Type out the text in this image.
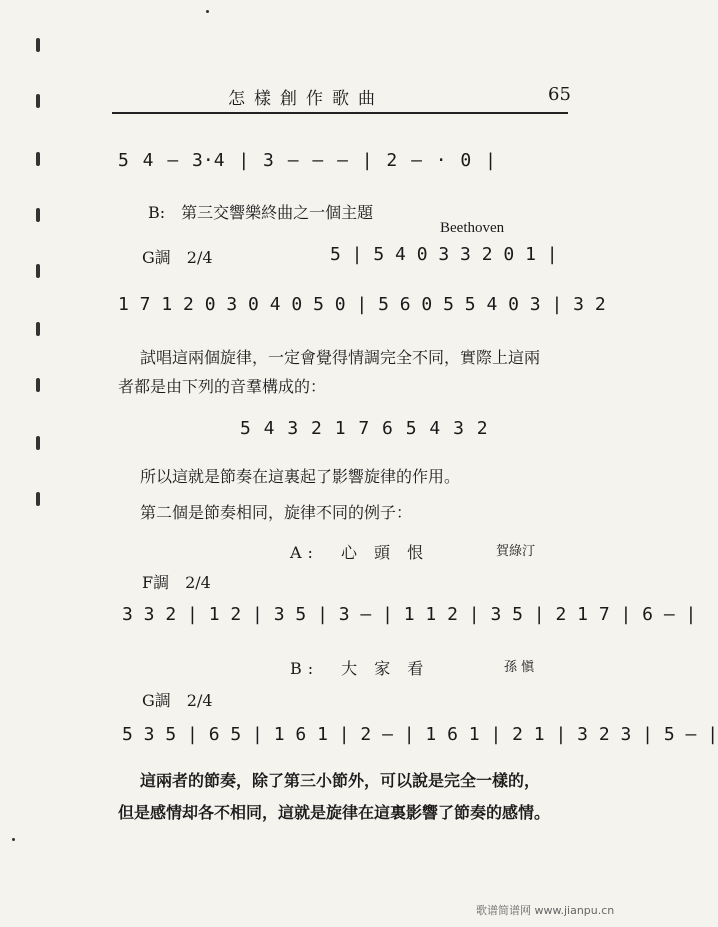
怎樣創作歌曲	65
5 4 — 3·4 | 3 — — — | 2 — · 0 |
B:　第三交響樂終曲之一個主題
Beethoven
G調　2/4	5 | 5 4 0 3 3 2 0 1 |
1 7 1 2 0 3 0 4 0 5 0 | 5 6 0 5 5 4 0 3 | 3 2
試唱這兩個旋律，一定會覺得情調完全不同，實際上這兩
者都是由下列的音羣構成的：
5 4 3 2 1 7 6 5 4 3 2
所以這就是節奏在這裏起了影響旋律的作用。
第二個是節奏相同，旋律不同的例子：
A:　心 頭 恨	賀綠汀
F調　2/4
3 3 2 | 1 2 | 3 5 | 3 — | 1 1 2 | 3 5 | 2 1 7 | 6 — |
B:　大 家 看	孫 愼
G調　2/4
5 3 5 | 6 5 | 1 6 1 | 2 — | 1 6 1 | 2 1 | 3 2 3 | 5 — |
這兩者的節奏，除了第三小節外，可以說是完全一樣的，
但是感情却各不相同，這就是旋律在這裏影響了節奏的感情。
歌谱简谱网 www.jianpu.cn
